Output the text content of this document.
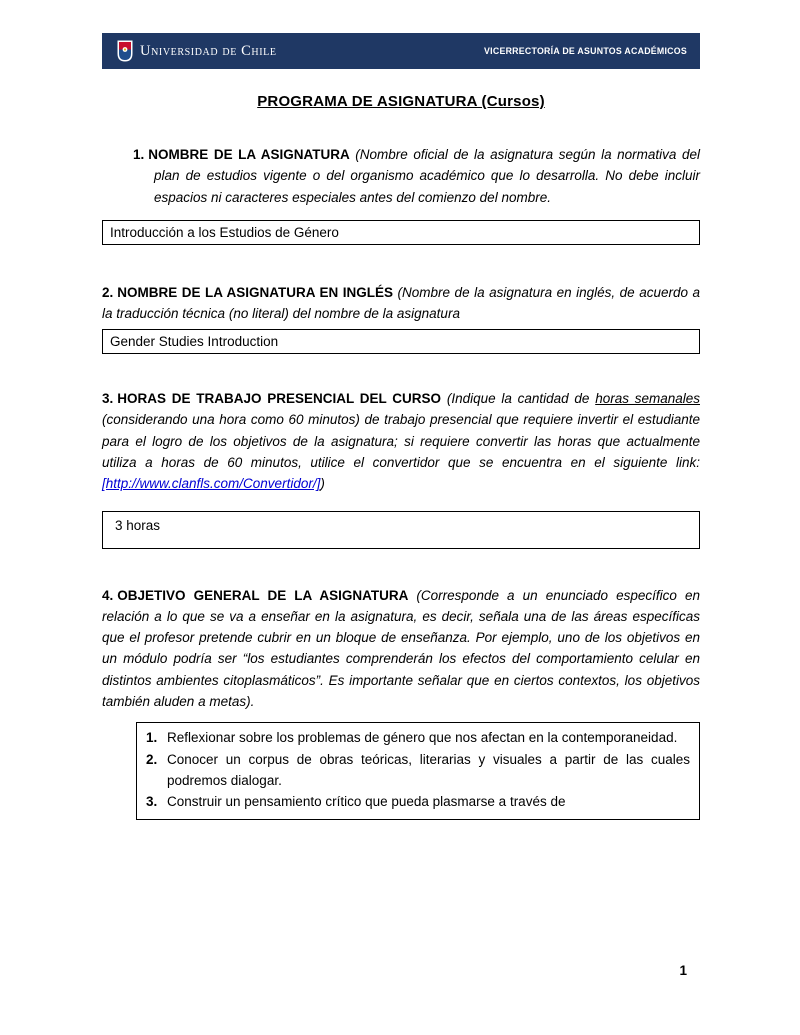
Universidad de Chile	VICERRECTORÍA DE ASUNTOS ACADÉMICOS
PROGRAMA DE ASIGNATURA (Cursos)

1. NOMBRE DE LA ASIGNATURA (Nombre oficial de la asignatura según la normativa del plan de estudios vigente o del organismo académico que lo desarrolla. No debe incluir espacios ni caracteres especiales antes del comienzo del nombre.

Introducción a los Estudios de Género

2. NOMBRE DE LA ASIGNATURA EN INGLÉS (Nombre de la asignatura en inglés, de acuerdo a la traducción técnica (no literal) del nombre de la asignatura

Gender Studies Introduction

3. HORAS DE TRABAJO PRESENCIAL DEL CURSO (Indique la cantidad de horas semanales (considerando una hora como 60 minutos) de trabajo presencial que requiere invertir el estudiante para el logro de los objetivos de la asignatura; si requiere convertir las horas que actualmente utiliza a horas de 60 minutos, utilice el convertidor que se encuentra en el siguiente link: [http://www.clanfls.com/Convertidor/])

3 horas

4. OBJETIVO GENERAL DE LA ASIGNATURA (Corresponde a un enunciado específico en relación a lo que se va a enseñar en la asignatura, es decir, señala una de las áreas específicas que el profesor pretende cubrir en un bloque de enseñanza. Por ejemplo, uno de los objetivos en un módulo podría ser “los estudiantes comprenderán los efectos del comportamiento celular en distintos ambientes citoplasmáticos”. Es importante señalar que en ciertos contextos, los objetivos también aluden a metas).

1. Reflexionar sobre los problemas de género que nos afectan en la contemporaneidad.
2. Conocer un corpus de obras teóricas, literarias y visuales a partir de las cuales podremos dialogar.
3. Construir un pensamiento crítico que pueda plasmarse a través de
1
